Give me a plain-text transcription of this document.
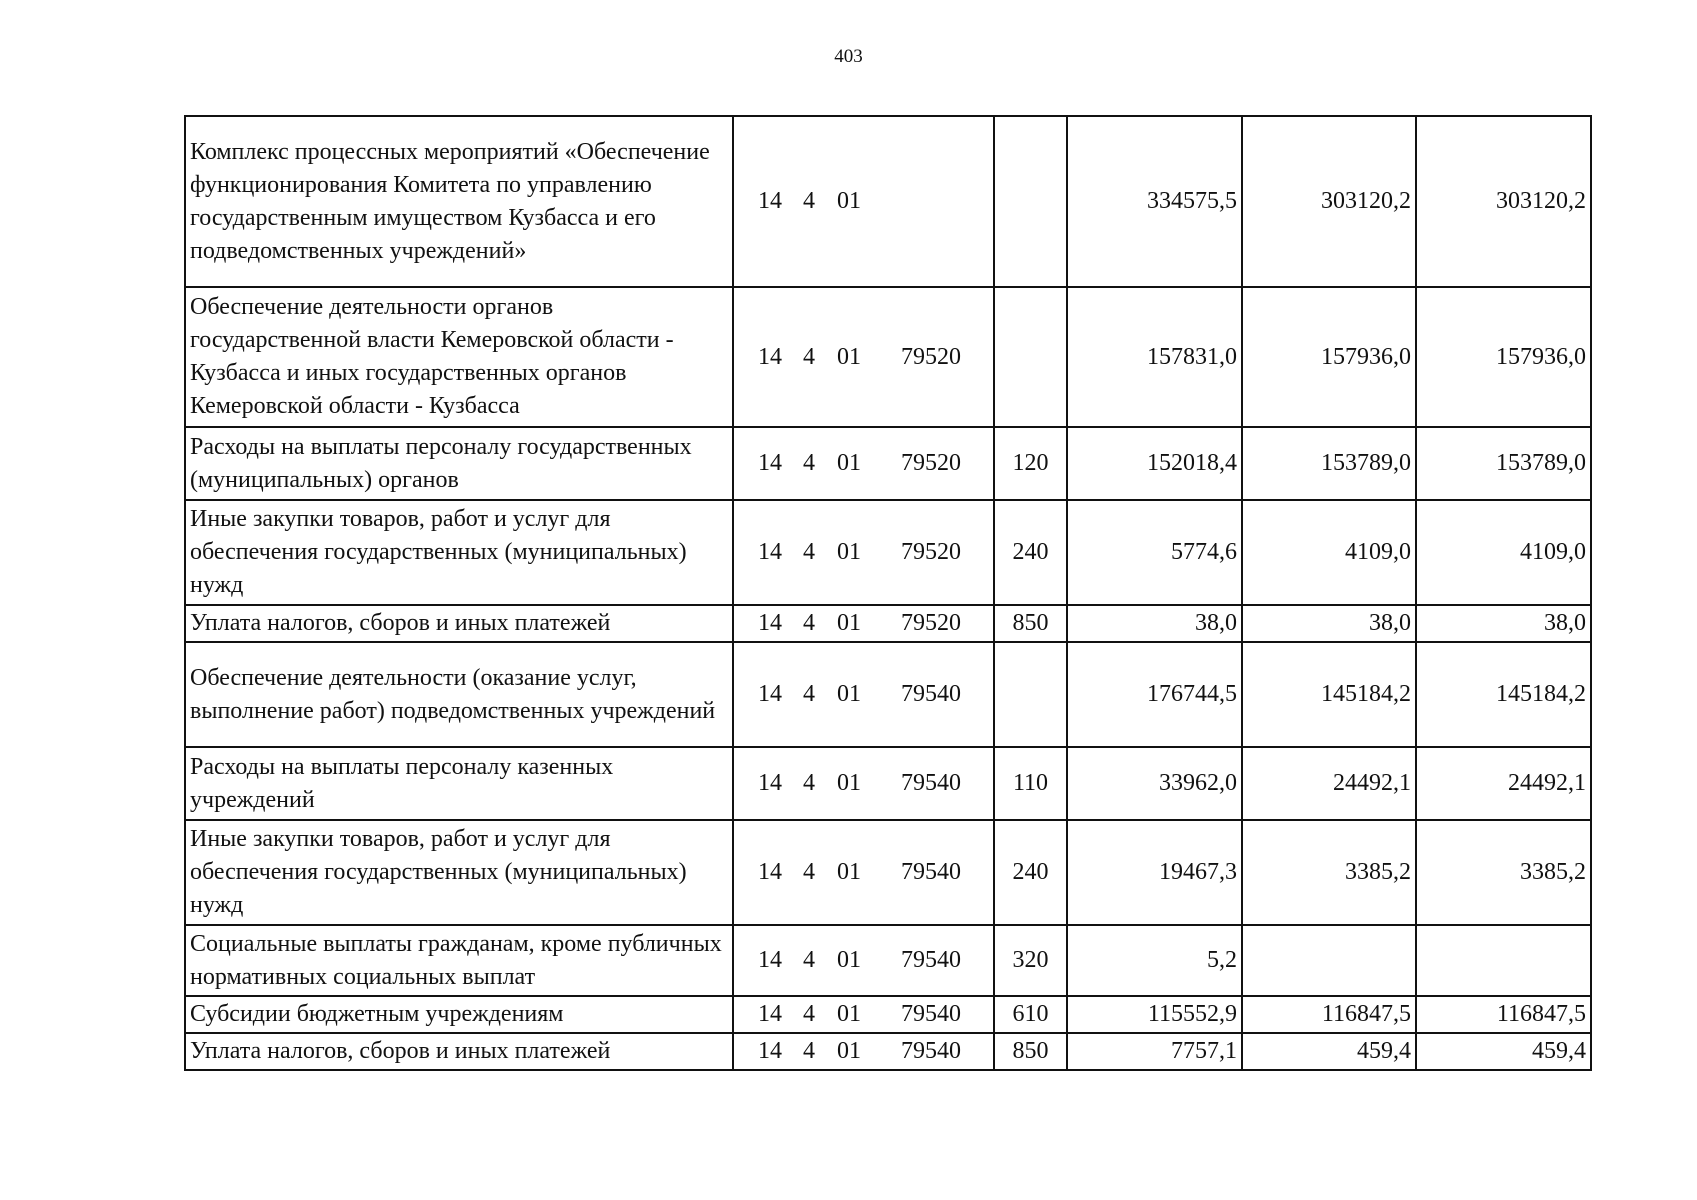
403
Комплекс процессных мероприятий «Обеспечение функционирования Комитета по управлению государственным имуществом Кузбасса и его подведомственных учреждений»	14 4 01		334575,5	303120,2	303120,2
Обеспечение деятельности органов государственной власти Кемеровской области - Кузбасса и иных государственных органов Кемеровской области - Кузбасса	14 4 01 79520		157831,0	157936,0	157936,0
Расходы на выплаты персоналу государственных (муниципальных) органов	14 4 01 79520	120	152018,4	153789,0	153789,0
Иные закупки товаров, работ и услуг для обеспечения государственных (муниципальных) нужд	14 4 01 79520	240	5774,6	4109,0	4109,0
Уплата налогов, сборов и иных платежей	14 4 01 79520	850	38,0	38,0	38,0
Обеспечение деятельности (оказание услуг, выполнение работ) подведомственных учреждений	14 4 01 79540		176744,5	145184,2	145184,2
Расходы на выплаты персоналу казенных учреждений	14 4 01 79540	110	33962,0	24492,1	24492,1
Иные закупки товаров, работ и услуг для обеспечения государственных (муниципальных) нужд	14 4 01 79540	240	19467,3	3385,2	3385,2
Социальные выплаты гражданам, кроме публичных нормативных социальных выплат	14 4 01 79540	320	5,2		
Субсидии бюджетным учреждениям	14 4 01 79540	610	115552,9	116847,5	116847,5
Уплата налогов, сборов и иных платежей	14 4 01 79540	850	7757,1	459,4	459,4
